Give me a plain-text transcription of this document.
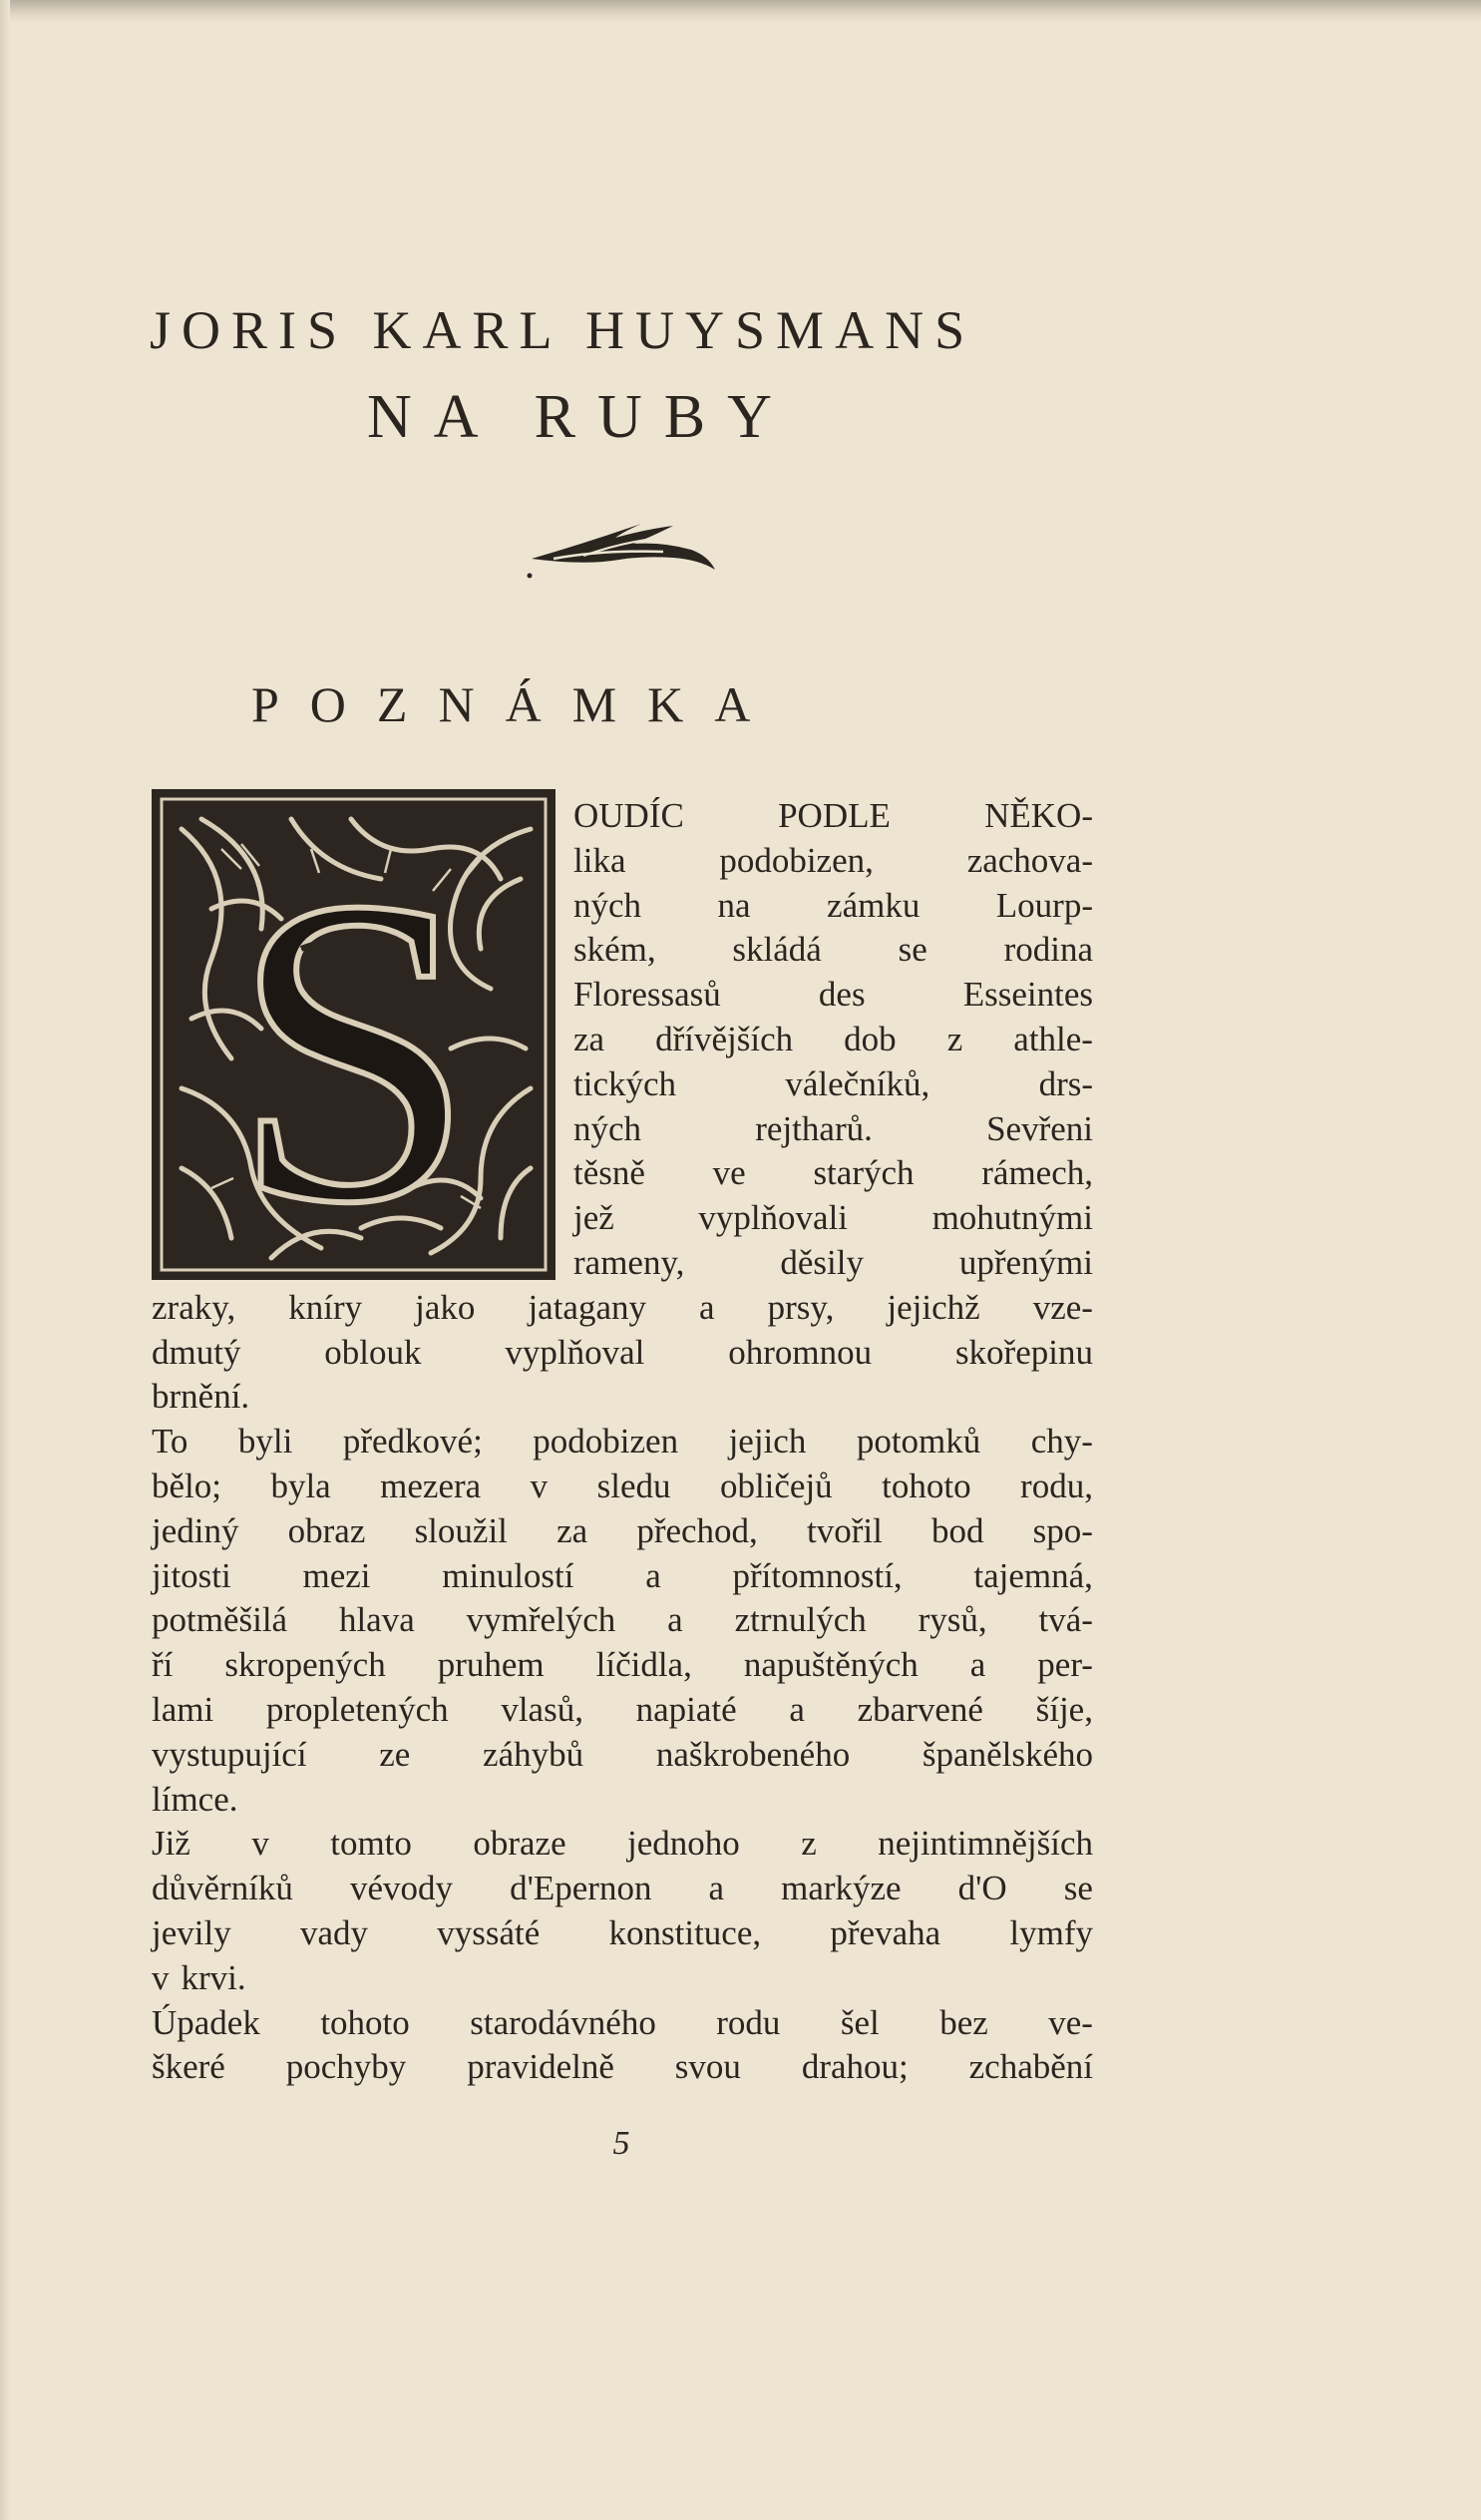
JORIS KARL HUYSMANS
NA RUBY
POZNÁMKA
S	OUDÍC	PODLE	NĚKO-
lika	podobizen,	zachova-
ných na zámku Lourp-
ském, skládá se rodina
Floressasů	des	Esseintes
za dřívějších dob z athle-
tických	válečníků,	drs-
ných	rejtharů.	Sevřeni
těsně ve starých rámech,
jež vyplňovali mohutnými
rameny,	děsily	upřenými
zraky, kníry jako jatagany a prsy, jejichž vze-
dmutý oblouk vyplňoval ohromnou skořepinu
brnění.
To byli předkové; podobizen jejich potomků chy-
bělo; byla mezera v sledu obličejů tohoto rodu,
jediný obraz sloužil za přechod, tvořil bod spo-
jitosti mezi minulostí a přítomností, tajemná,
potměšilá hlava vymřelých a ztrnulých rysů, tvá-
ří skropených pruhem líčidla, napuštěných a per-
lami propletených vlasů, napiaté a zbarvené šíje,
vystupující ze záhybů naškrobeného španělského
límce.
Již v tomto obraze jednoho z nejintimnějších
důvěrníků vévody d'Epernon a markýze d'O se
jevily vady vyssáté konstituce, převaha lymfy
v krvi.
Úpadek tohoto starodávného rodu šel bez ve-
škeré pochyby pravidelně svou drahou; zchabění
5
